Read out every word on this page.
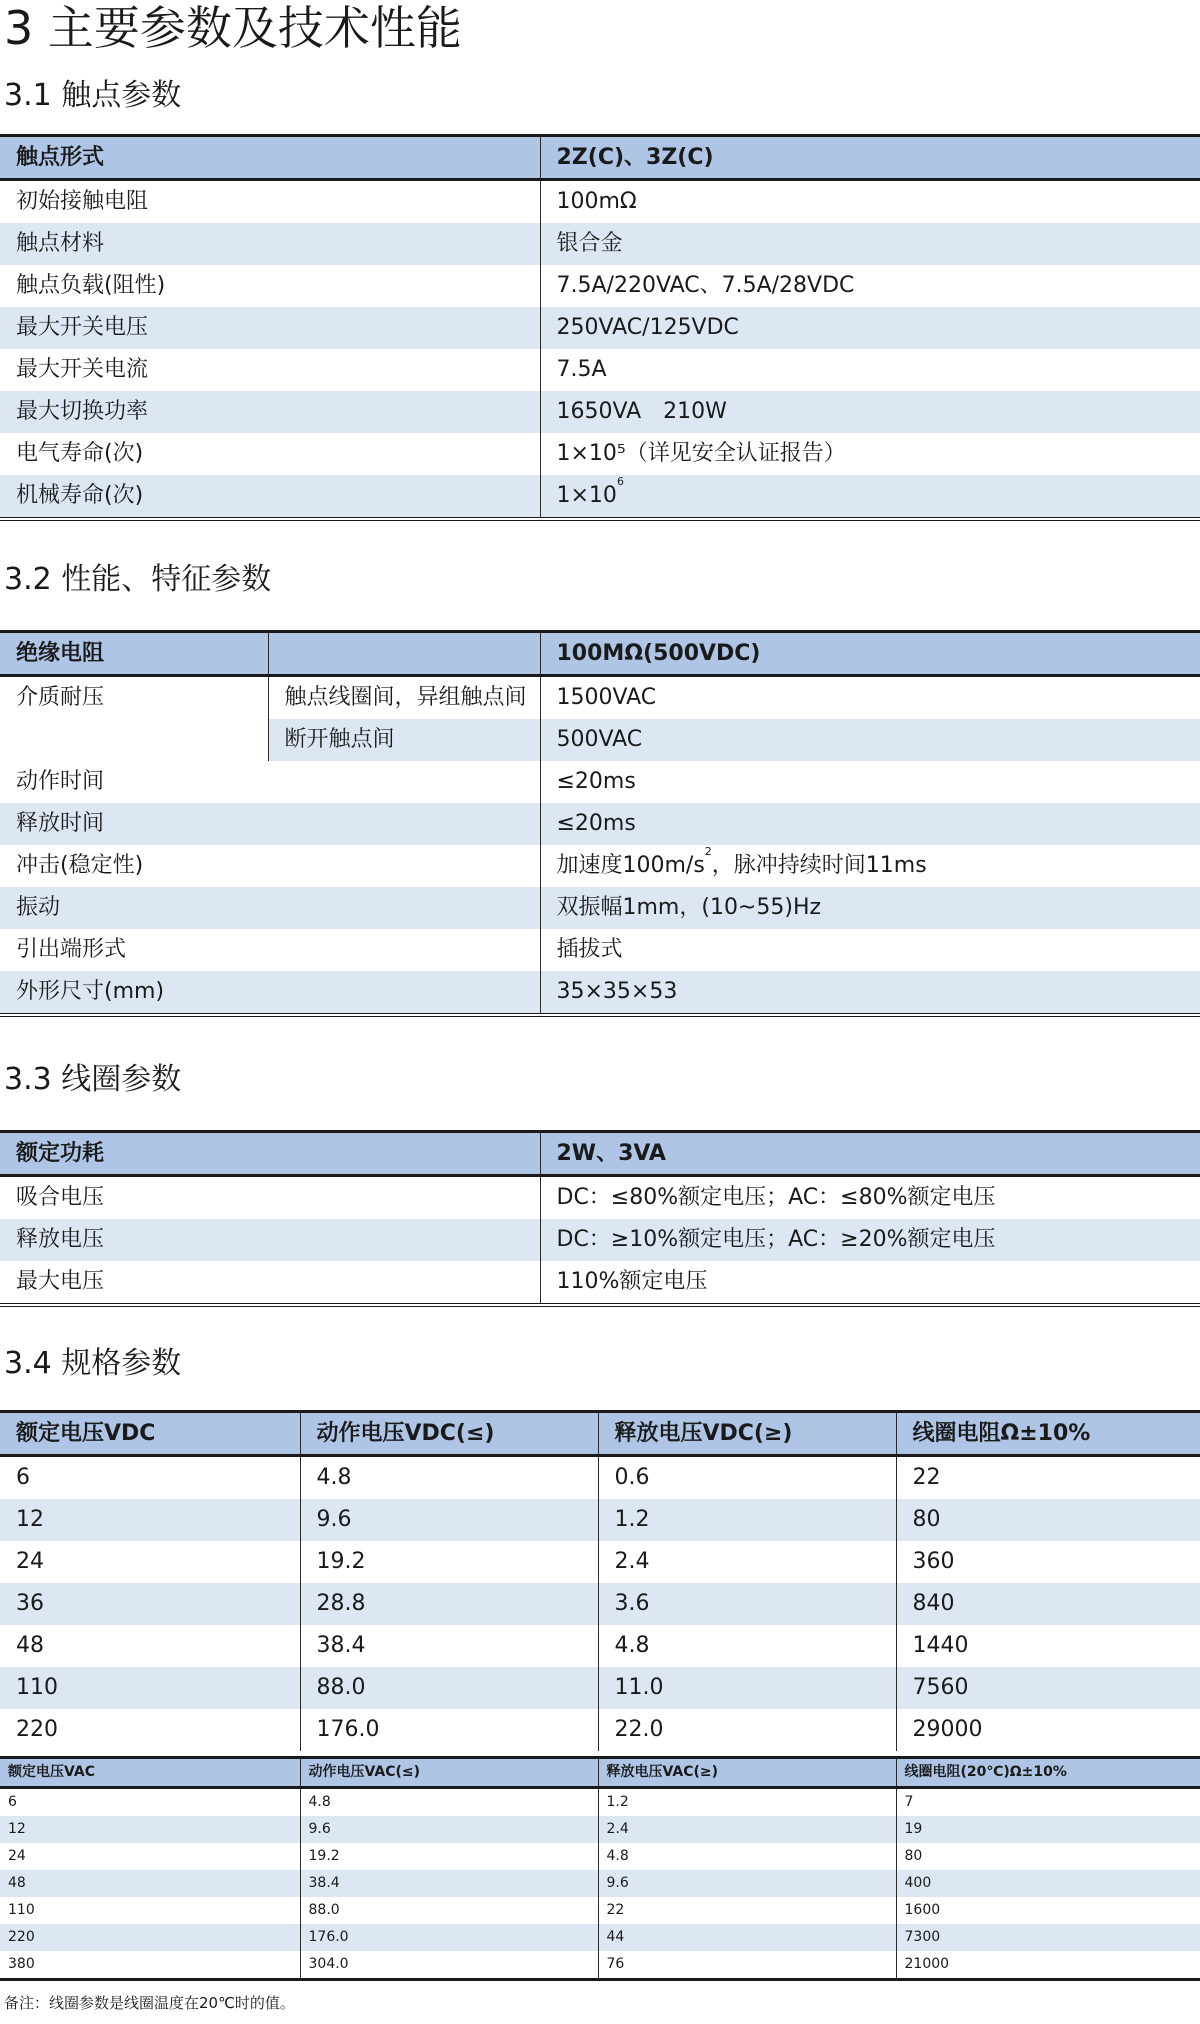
3 主要参数及技术性能
3.1 触点参数
触点形式	2Z(C)、3Z(C)
初始接触电阻	100mΩ
触点材料	银合金
触点负载(阻性)	7.5A/220VAC、7.5A/28VDC
最大开关电压	250VAC/125VDC
最大开关电流	7.5A
最大切换功率	1650VA　210W
电气寿命(次)	1×10⁵（详见安全认证报告）
机械寿命(次)	$1\times 10^6$
3.2 性能、特征参数
绝缘电阻		100MΩ(500VDC)
介质耐压	触点线圈间，异组触点间	1500VAC
	断开触点间	500VAC
动作时间		≤20ms
释放时间		≤20ms
冲击(稳定性)		加速度$100m/s^2$，脉冲持续时间11ms
振动		双振幅1mm，(10~55)Hz
引出端形式		插拔式
外形尺寸(mm)		35×35×53
3.3 线圈参数
额定功耗	2W、3VA
吸合电压	DC：≤80%额定电压；AC：≤80%额定电压
释放电压	DC：≥10%额定电压；AC：≥20%额定电压
最大电压	110%额定电压
3.4 规格参数
额定电压VDC	动作电压VDC(≤)	释放电压VDC(≥)	线圈电阻Ω±10%
6	4.8	0.6	22
12	9.6	1.2	80
24	19.2	2.4	360
36	28.8	3.6	840
48	38.4	4.8	1440
110	88.0	11.0	7560
220	176.0	22.0	29000
额定电压VAC	动作电压VAC(≤)	释放电压VAC(≥)	线圈电阻(20℃)Ω±10%
6	4.8	1.2	7
12	9.6	2.4	19
24	19.2	4.8	80
48	38.4	9.6	400
110	88.0	22	1600
220	176.0	44	7300
380	304.0	76	21000
备注：线圈参数是线圈温度在20℃时的值。
